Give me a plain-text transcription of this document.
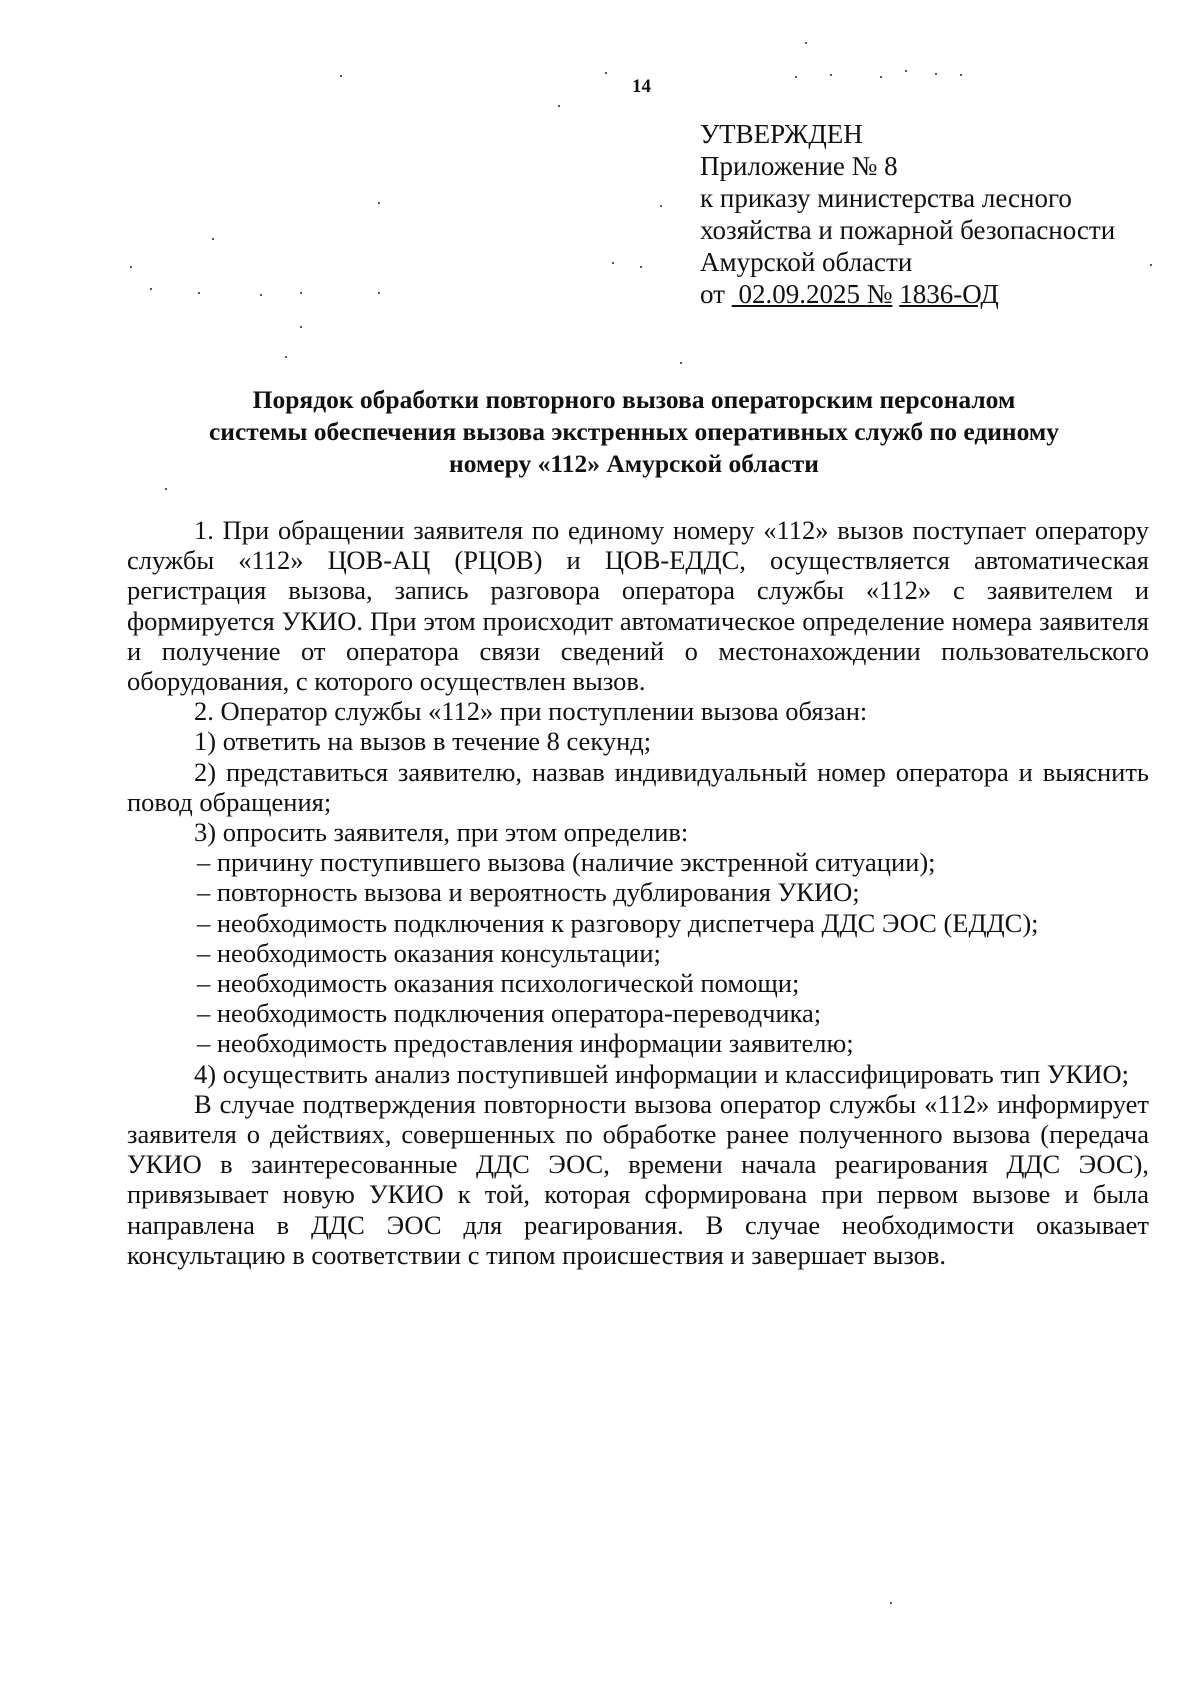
14
УТВЕРЖДЕН
Приложение № 8
к приказу министерства лесного
хозяйства и пожарной безопасности
Амурской области
от 02.09.2025 № 1836-ОД
Порядок обработки повторного вызова операторским персоналом
системы обеспечения вызова экстренных оперативных служб по единому
номеру «112» Амурской области

1. При обращении заявителя по единому номеру «112» вызов поступает оператору службы «112» ЦОВ-АЦ (РЦОВ) и ЦОВ-ЕДДС, осуществляется автоматическая регистрация вызова, запись разговора оператора службы «112» с заявителем и формируется УКИО. При этом происходит автоматическое определение номера заявителя и получение от оператора связи сведений о местонахождении пользовательского оборудования, с которого осуществлен вызов.

2. Оператор службы «112» при поступлении вызова обязан:

1) ответить на вызов в течение 8 секунд;

2) представиться заявителю, назвав индивидуальный номер оператора и выяснить повод обращения;

3) опросить заявителя, при этом определив:

– причину поступившего вызова (наличие экстренной ситуации);

– повторность вызова и вероятность дублирования УКИО;

– необходимость подключения к разговору диспетчера ДДС ЭОС (ЕДДС);

– необходимость оказания консультации;

– необходимость оказания психологической помощи;

– необходимость подключения оператора-переводчика;

– необходимость предоставления информации заявителю;

4) осуществить анализ поступившей информации и классифицировать тип УКИО;

В случае подтверждения повторности вызова оператор службы «112» информирует заявителя о действиях, совершенных по обработке ранее полученного вызова (передача УКИО в заинтересованные ДДС ЭОС, времени начала реагирования ДДС ЭОС), привязывает новую УКИО к той, которая сформирована при первом вызове и была направлена в ДДС ЭОС для реагирования. В случае необходимости оказывает консультацию в соответствии с типом происшествия и завершает вызов.
